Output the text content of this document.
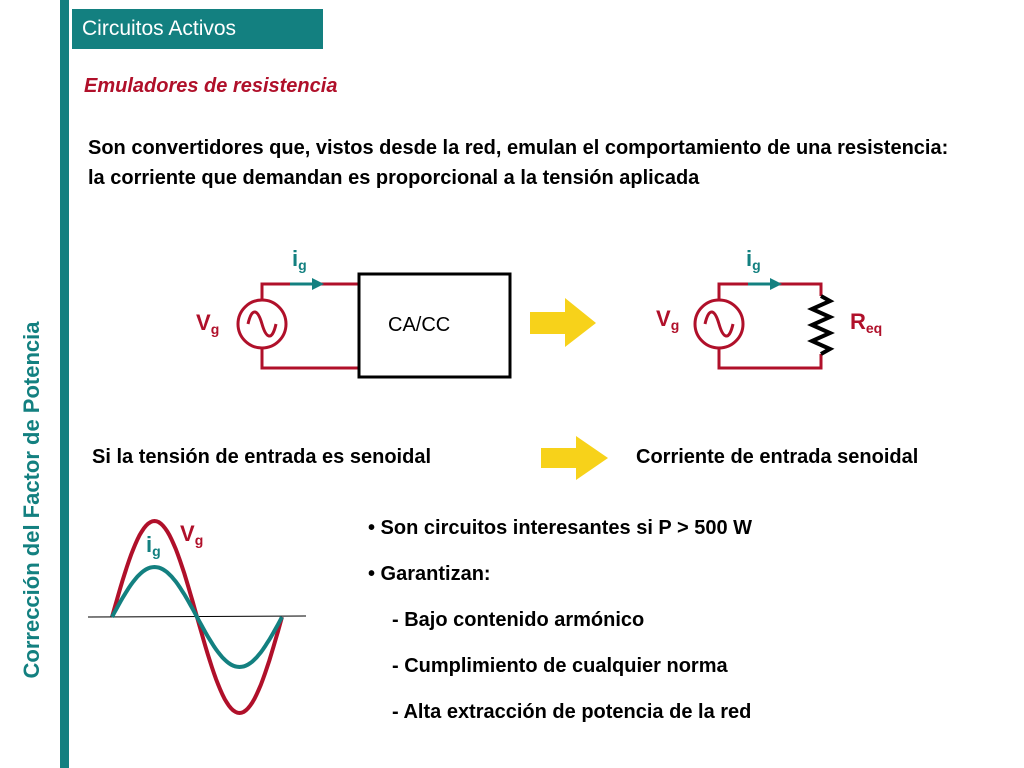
Corrección del Factor de Potencia
Circuitos Activos
Emuladores de resistencia
Son convertidores que, vistos desde la red, emulan el comportamiento de una resistencia: la corriente que demandan es proporcional a la tensión aplicada
$i_g$
$V_g$	CA/CC
$i_g$
$V_g$	$R_{eq}$
Si la tensión de entrada es senoidal	Corriente de entrada senoidal
$i_g$
$V_g$
• Son circuitos interesantes si P > 500 W
• Garantizan:
- Bajo contenido armónico
- Cumplimiento de cualquier norma
- Alta extracción de potencia de la red
